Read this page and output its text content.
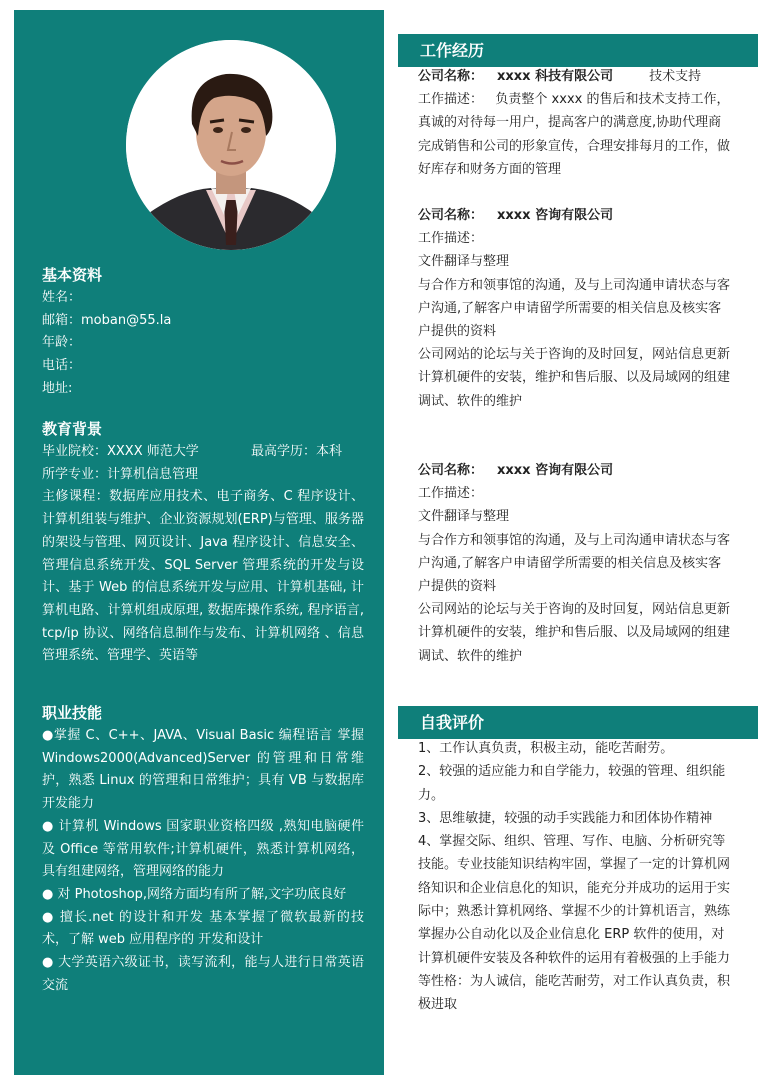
基本资料
姓名：
邮箱：moban@55.la
年龄：
电话：
地址:
教育背景
毕业院校：XXXX 师范大学	最高学历：本科
所学专业：计算机信息管理
主修课程：数据库应用技术、电子商务、C 程序设计、计算机组装与维护、企业资源规划(ERP)与管理、服务器的架设与管理、网页设计、Java 程序设计、信息安全、管理信息系统开发、SQL Server 管理系统的开发与设计、基于 Web 的信息系统开发与应用、计算机基础, 计算机电路、计算机组成原理, 数据库操作系统, 程序语言, tcp/ip 协议、网络信息制作与发布、计算机网络 、信息管理系统、管理学、英语等
职业技能
●掌握 C、C++、JAVA、Visual Basic 编程语言 掌握 Windows2000(Advanced)Server 的管理和日常维护，熟悉 Linux 的管理和日常维护；具有 VB 与数据库开发能力
● 计算机 Windows 国家职业资格四级 ,熟知电脑硬件及 Office 等常用软件;计算机硬件，熟悉计算机网络，具有组建网络，管理网络的能力
● 对 Photoshop,网络方面均有所了解,文字功底良好
● 擅长.net 的设计和开发 基本掌握了微软最新的技术，了解 web 应用程序的 开发和设计
● 大学英语六级证书，读写流利，能与人进行日常英语交流
工作经历
公司名称： xxxx 科技有限公司	技术支持
工作描述： 负责整个 xxxx 的售后和技术支持工作，真诚的对待每一用户，提高客户的满意度,协助代理商完成销售和公司的形象宣传，合理安排每月的工作，做好库存和财务方面的管理
公司名称： xxxx 咨询有限公司
工作描述：
文件翻译与整理
与合作方和领事馆的沟通，及与上司沟通申请状态与客户沟通,了解客户申请留学所需要的相关信息及核实客户提供的资料
公司网站的论坛与关于咨询的及时回复，网站信息更新
计算机硬件的安装，维护和售后服、以及局域网的组建调试、软件的维护
公司名称： xxxx 咨询有限公司
工作描述：
文件翻译与整理
与合作方和领事馆的沟通，及与上司沟通申请状态与客户沟通,了解客户申请留学所需要的相关信息及核实客户提供的资料
公司网站的论坛与关于咨询的及时回复，网站信息更新
计算机硬件的安装，维护和售后服、以及局域网的组建调试、软件的维护
自我评价
1、工作认真负责，积极主动，能吃苦耐劳。
2、较强的适应能力和自学能力，较强的管理、组织能力。
3、思维敏捷，较强的动手实践能力和团体协作精神
4、掌握交际、组织、管理、写作、电脑、分析研究等技能。专业技能知识结构牢固，掌握了一定的计算机网络知识和企业信息化的知识，能充分并成功的运用于实际中；熟悉计算机网络、掌握不少的计算机语言，熟练掌握办公自动化以及企业信息化 ERP 软件的使用，对计算机硬件安装及各种软件的运用有着极强的上手能力等性格：为人诚信，能吃苦耐劳，对工作认真负责，积极进取
